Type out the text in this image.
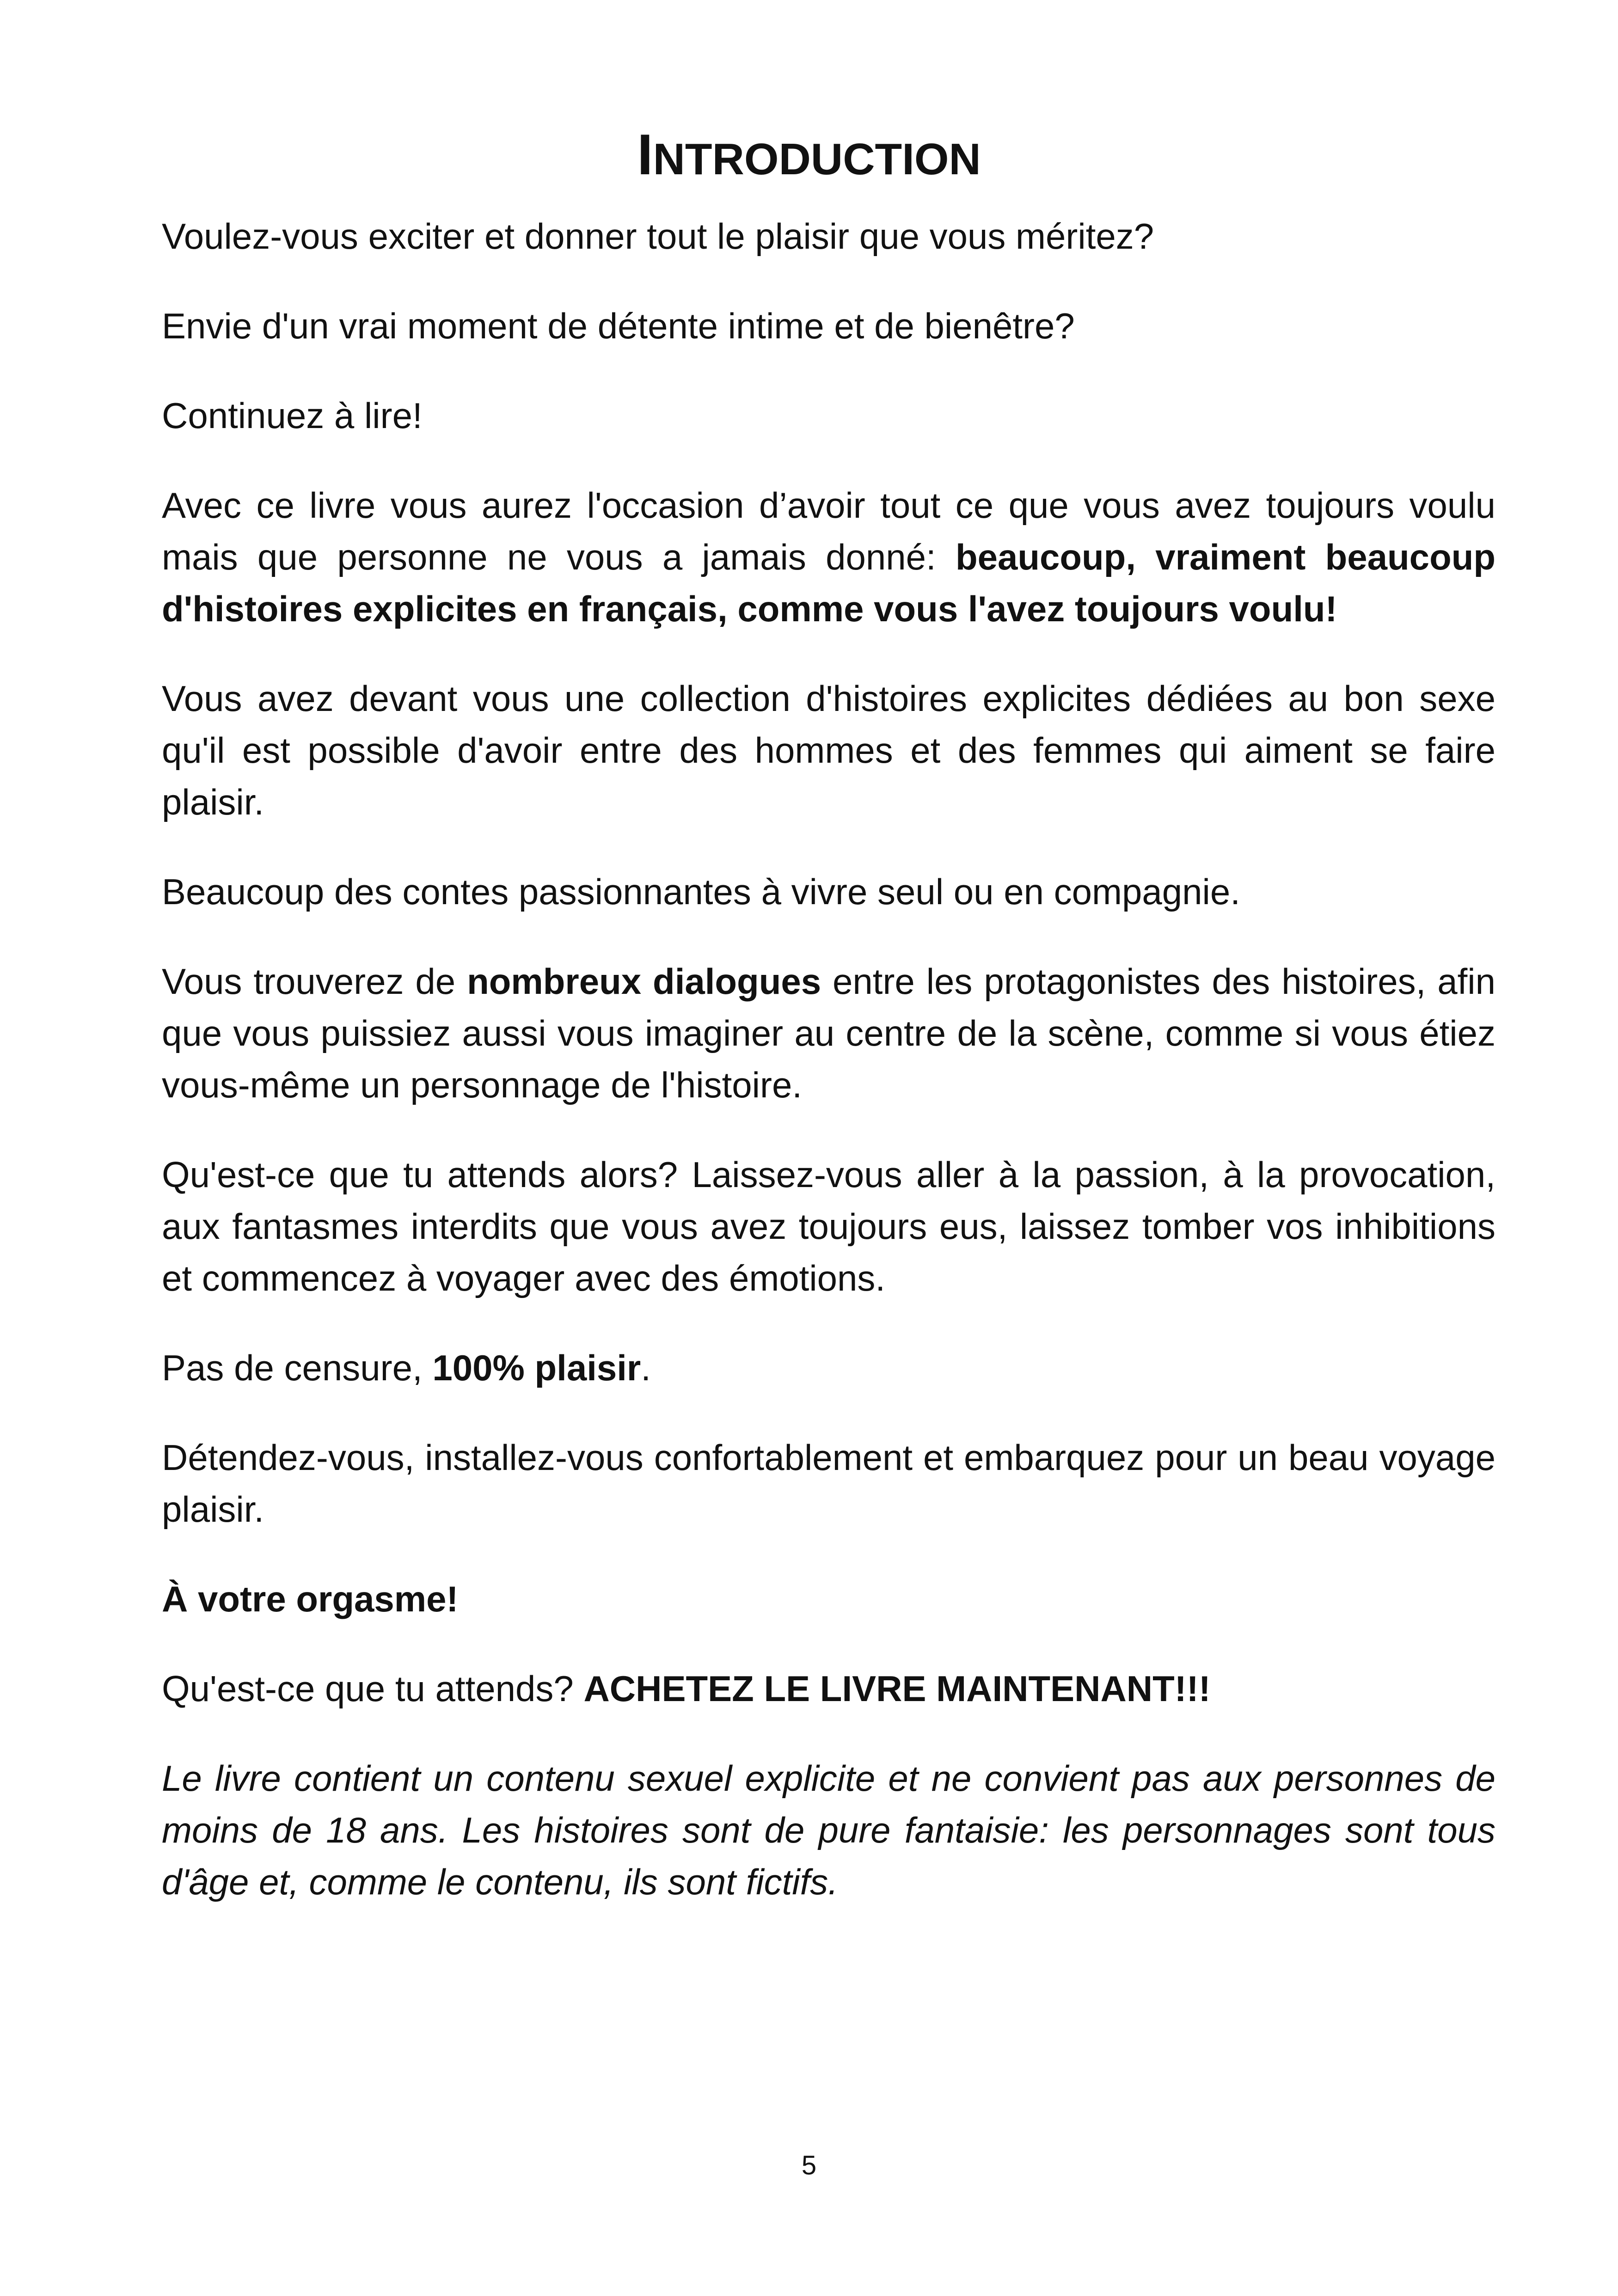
INTRODUCTION

Voulez-vous exciter et donner tout le plaisir que vous méritez?

Envie d'un vrai moment de détente intime et de bienêtre?

Continuez à lire!

Avec ce livre vous aurez l'occasion d’avoir tout ce que vous avez toujours voulu mais que personne ne vous a jamais donné: beaucoup, vraiment beaucoup d'histoires explicites en français, comme vous l'avez toujours voulu!

Vous avez devant vous une collection d'histoires explicites dédiées au bon sexe qu'il est possible d'avoir entre des hommes et des femmes qui aiment se faire plaisir.

Beaucoup des contes passionnantes à vivre seul ou en compagnie.

Vous trouverez de nombreux dialogues entre les protagonistes des histoires, afin que vous puissiez aussi vous imaginer au centre de la scène, comme si vous étiez vous-même un personnage de l'histoire.

Qu'est-ce que tu attends alors? Laissez-vous aller à la passion, à la provocation, aux fantasmes interdits que vous avez toujours eus, laissez tomber vos inhibitions et commencez à voyager avec des émotions.

Pas de censure, 100% plaisir.

Détendez-vous, installez-vous confortablement et embarquez pour un beau voyage plaisir.

À votre orgasme!

Qu'est-ce que tu attends? ACHETEZ LE LIVRE MAINTENANT!!!

Le livre contient un contenu sexuel explicite et ne convient pas aux personnes de moins de 18 ans. Les histoires sont de pure fantaisie: les personnages sont tous d'âge et, comme le contenu, ils sont fictifs.

5
